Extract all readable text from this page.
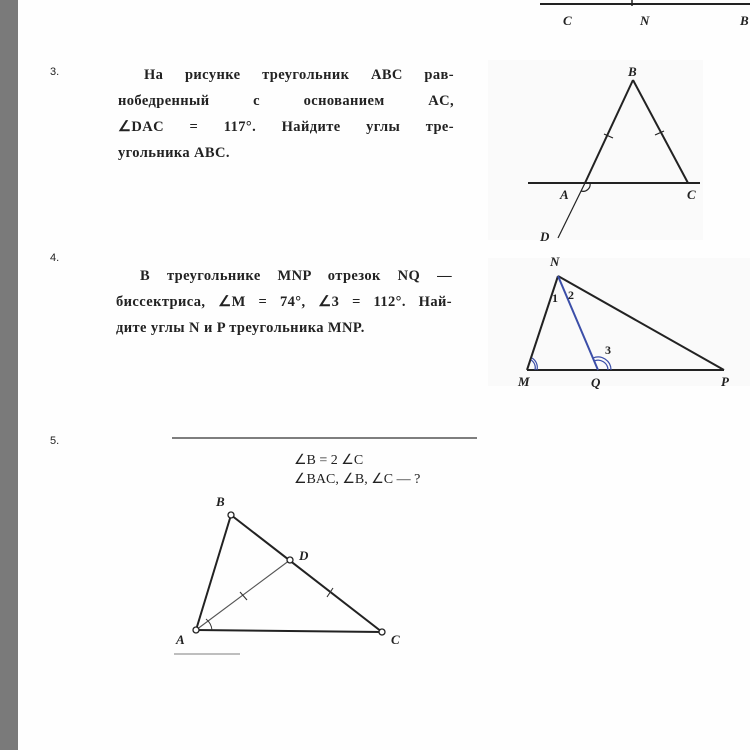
3.
4.
5.
На рисунке треугольник ABC рав-
нобедренный с основанием AC,
∠DAC = 117°. Найдите углы тре-
угольника ABC.
В треугольнике MNP отрезок NQ —
биссектриса, ∠M = 74°, ∠3 = 112°. Най-
дите углы N и P треугольника MNP.
∠B = 2 ∠C
∠BAC, ∠B, ∠C — ?
C	N	B
B
A	C
D
N
M	Q	P
1 2
3
B
D
A	C
